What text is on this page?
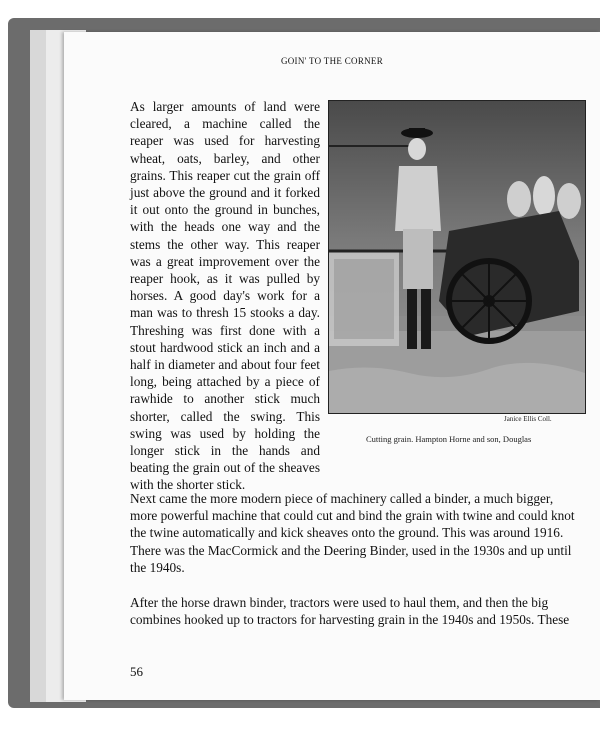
GOIN' TO THE CORNER

As larger amounts of land were cleared, a machine called the reaper was used for harvesting wheat, oats, barley, and other grains. This reaper cut the grain off just above the ground and it forked it out onto the ground in bunches, with the heads one way and the stems the other way. This reaper was a great improvement over the reaper hook, as it was pulled by horses. A good day's work for a man was to thresh 15 stooks a day. Threshing was first done with a stout hardwood stick an inch and a half in diameter and about four feet long, being attached by a piece of rawhide to another stick much shorter, called the swing. This swing was used by holding the longer stick in the hands and beating the grain out of the sheaves with the shorter stick.

Janice Ellis Coll.
Cutting grain. Hampton Horne and son, Douglas

Next came the more modern piece of machinery called a binder, a much bigger, more powerful machine that could cut and bind the grain with twine and could knot the twine automatically and kick sheaves onto the ground. This was around 1916. There was the MacCormick and the Deering Binder, used in the 1930s and up until the 1940s.

After the horse drawn binder, tractors were used to haul them, and then the big combines hooked up to tractors for harvesting grain in the 1940s and 1950s. These

56
